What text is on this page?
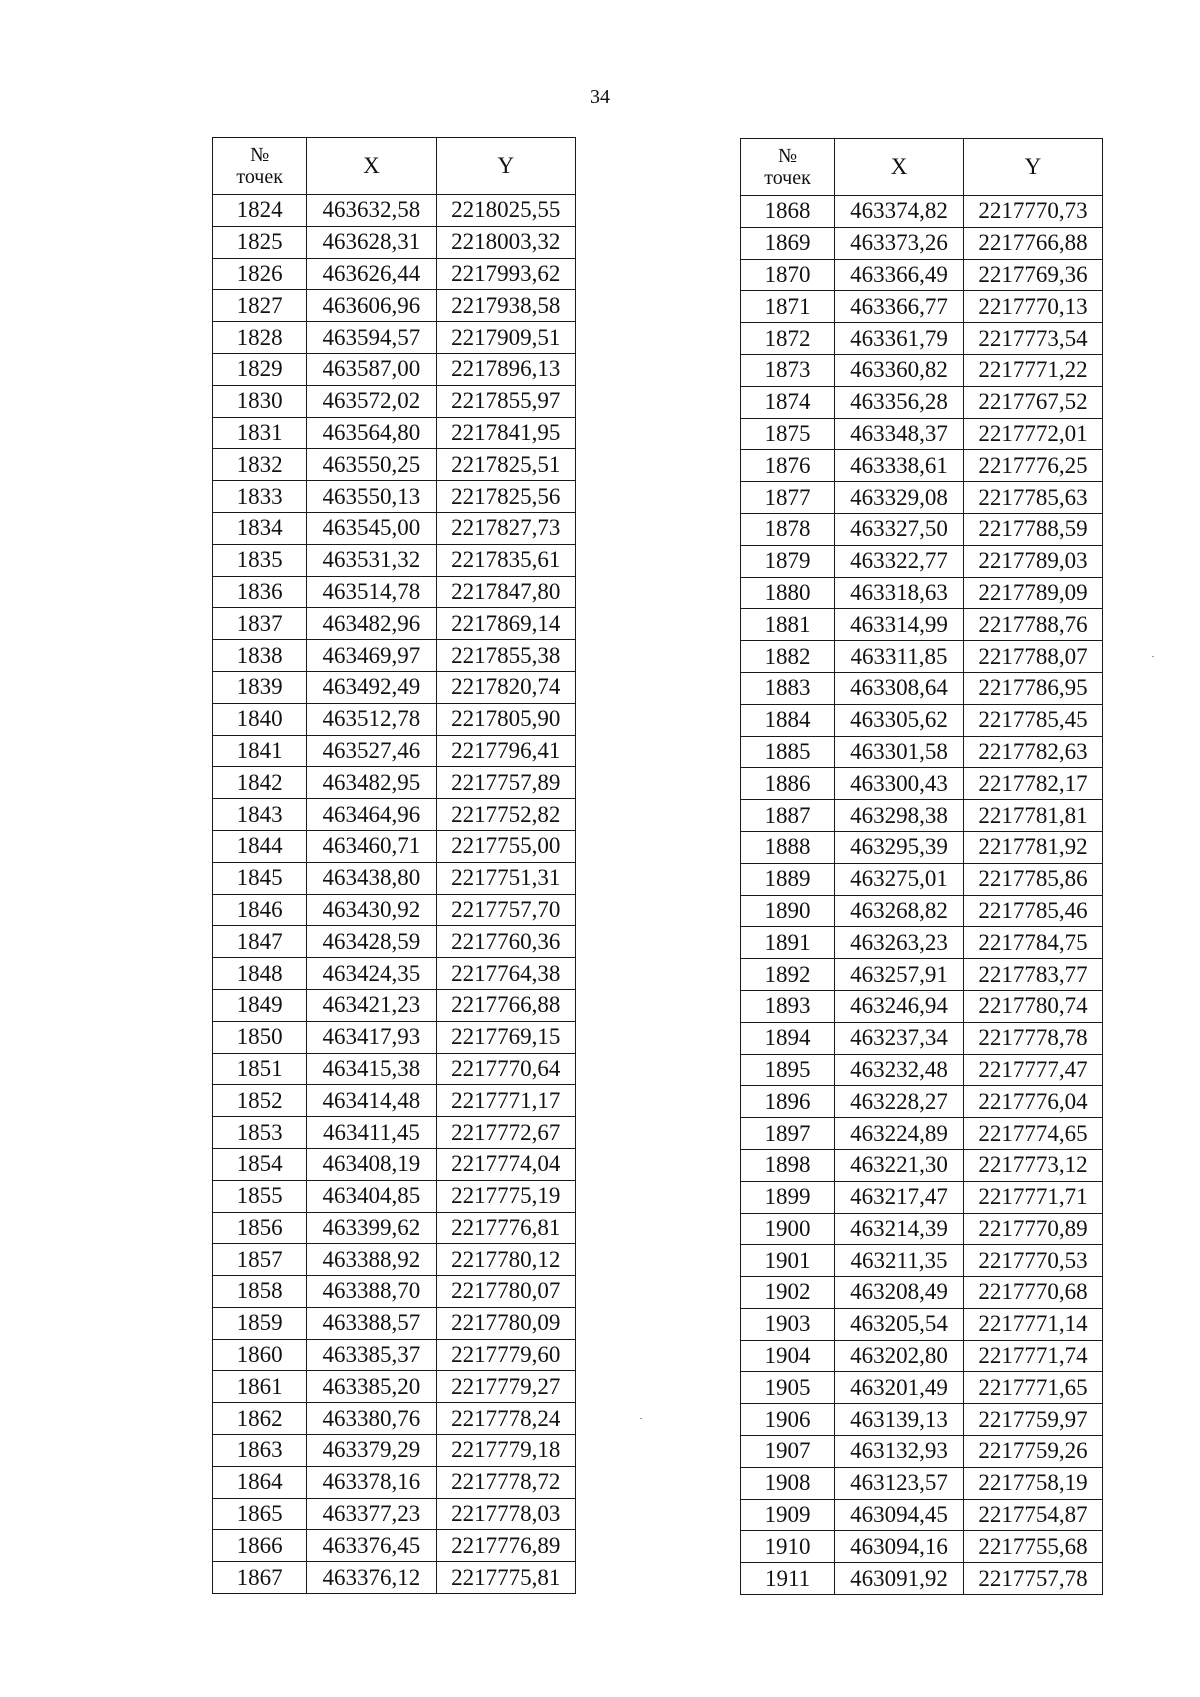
34
№
точек	X	Y
1824	463632,58	2218025,55
1825	463628,31	2218003,32
1826	463626,44	2217993,62
1827	463606,96	2217938,58
1828	463594,57	2217909,51
1829	463587,00	2217896,13
1830	463572,02	2217855,97
1831	463564,80	2217841,95
1832	463550,25	2217825,51
1833	463550,13	2217825,56
1834	463545,00	2217827,73
1835	463531,32	2217835,61
1836	463514,78	2217847,80
1837	463482,96	2217869,14
1838	463469,97	2217855,38
1839	463492,49	2217820,74
1840	463512,78	2217805,90
1841	463527,46	2217796,41
1842	463482,95	2217757,89
1843	463464,96	2217752,82
1844	463460,71	2217755,00
1845	463438,80	2217751,31
1846	463430,92	2217757,70
1847	463428,59	2217760,36
1848	463424,35	2217764,38
1849	463421,23	2217766,88
1850	463417,93	2217769,15
1851	463415,38	2217770,64
1852	463414,48	2217771,17
1853	463411,45	2217772,67
1854	463408,19	2217774,04
1855	463404,85	2217775,19
1856	463399,62	2217776,81
1857	463388,92	2217780,12
1858	463388,70	2217780,07
1859	463388,57	2217780,09
1860	463385,37	2217779,60
1861	463385,20	2217779,27
1862	463380,76	2217778,24
1863	463379,29	2217779,18
1864	463378,16	2217778,72
1865	463377,23	2217778,03
1866	463376,45	2217776,89
1867	463376,12	2217775,81
№
точек	X	Y
1868	463374,82	2217770,73
1869	463373,26	2217766,88
1870	463366,49	2217769,36
1871	463366,77	2217770,13
1872	463361,79	2217773,54
1873	463360,82	2217771,22
1874	463356,28	2217767,52
1875	463348,37	2217772,01
1876	463338,61	2217776,25
1877	463329,08	2217785,63
1878	463327,50	2217788,59
1879	463322,77	2217789,03
1880	463318,63	2217789,09
1881	463314,99	2217788,76
1882	463311,85	2217788,07
1883	463308,64	2217786,95
1884	463305,62	2217785,45
1885	463301,58	2217782,63
1886	463300,43	2217782,17
1887	463298,38	2217781,81
1888	463295,39	2217781,92
1889	463275,01	2217785,86
1890	463268,82	2217785,46
1891	463263,23	2217784,75
1892	463257,91	2217783,77
1893	463246,94	2217780,74
1894	463237,34	2217778,78
1895	463232,48	2217777,47
1896	463228,27	2217776,04
1897	463224,89	2217774,65
1898	463221,30	2217773,12
1899	463217,47	2217771,71
1900	463214,39	2217770,89
1901	463211,35	2217770,53
1902	463208,49	2217770,68
1903	463205,54	2217771,14
1904	463202,80	2217771,74
1905	463201,49	2217771,65
1906	463139,13	2217759,97
1907	463132,93	2217759,26
1908	463123,57	2217758,19
1909	463094,45	2217754,87
1910	463094,16	2217755,68
1911	463091,92	2217757,78
